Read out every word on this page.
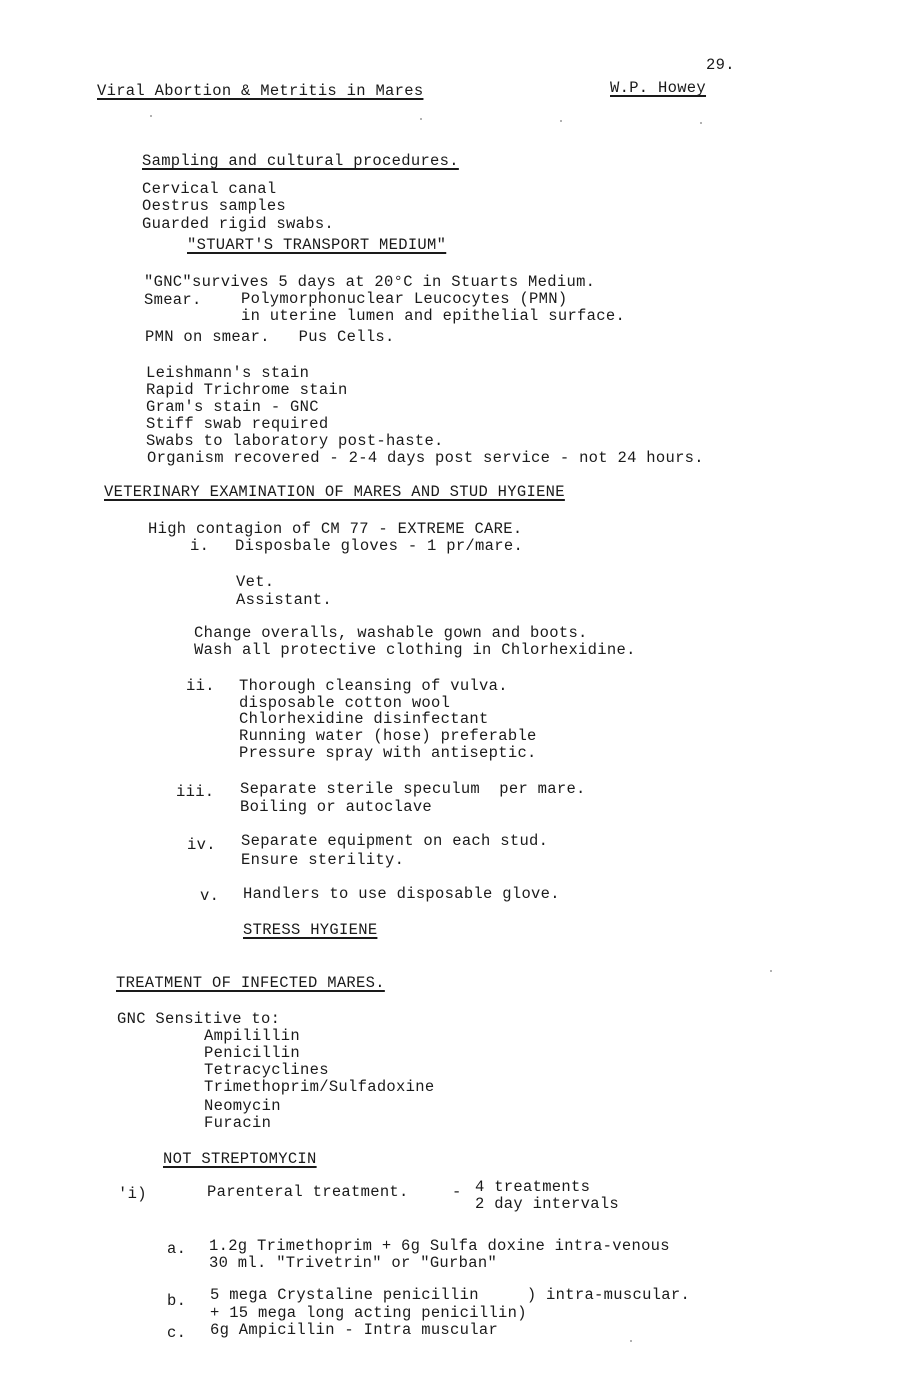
29.
Viral Abortion & Metritis in Mares	W.P. Howey
Sampling and cultural procedures.
Cervical canal
Oestrus samples
Guarded rigid swabs.
"STUART'S TRANSPORT MEDIUM"
"GNC"survives 5 days at 20°C in Stuarts Medium.
Smear.	Polymorphonuclear Leucocytes (PMN)
in uterine lumen and epithelial surface.
PMN on smear.   Pus Cells.
Leishmann's stain
Rapid Trichrome stain
Gram's stain - GNC
Stiff swab required
Swabs to laboratory post-haste.
Organism recovered - 2-4 days post service - not 24 hours.
VETERINARY EXAMINATION OF MARES AND STUD HYGIENE
High contagion of CM 77 - EXTREME CARE.
i. Disposbale gloves - 1 pr/mare.
Vet.
Assistant.
Change overalls, washable gown and boots.
Wash all protective clothing in Chlorhexidine.
ii. Thorough cleansing of vulva.
disposable cotton wool
Chlorhexidine disinfectant
Running water (hose) preferable
Pressure spray with antiseptic.
iii. Separate sterile speculum  per mare.
Boiling or autoclave
iv. Separate equipment on each stud.
Ensure sterility.
v. Handlers to use disposable glove.
STRESS HYGIENE
TREATMENT OF INFECTED MARES.
GNC Sensitive to:
Ampilillin
Penicillin
Tetracyclines
Trimethoprim/Sulfadoxine
Neomycin
Furacin
NOT STREPTOMYCIN
'i)	Parenteral treatment.	- 4 treatments
2 day intervals
a. 1.2g Trimethoprim + 6g Sulfa doxine intra-venous
30 ml. "Trivetrin" or "Gurban"
b. 5 mega Crystaline penicillin     ) intra-muscular.
+ 15 mega long acting penicillin)
c. 6g Ampicillin - Intra muscular
